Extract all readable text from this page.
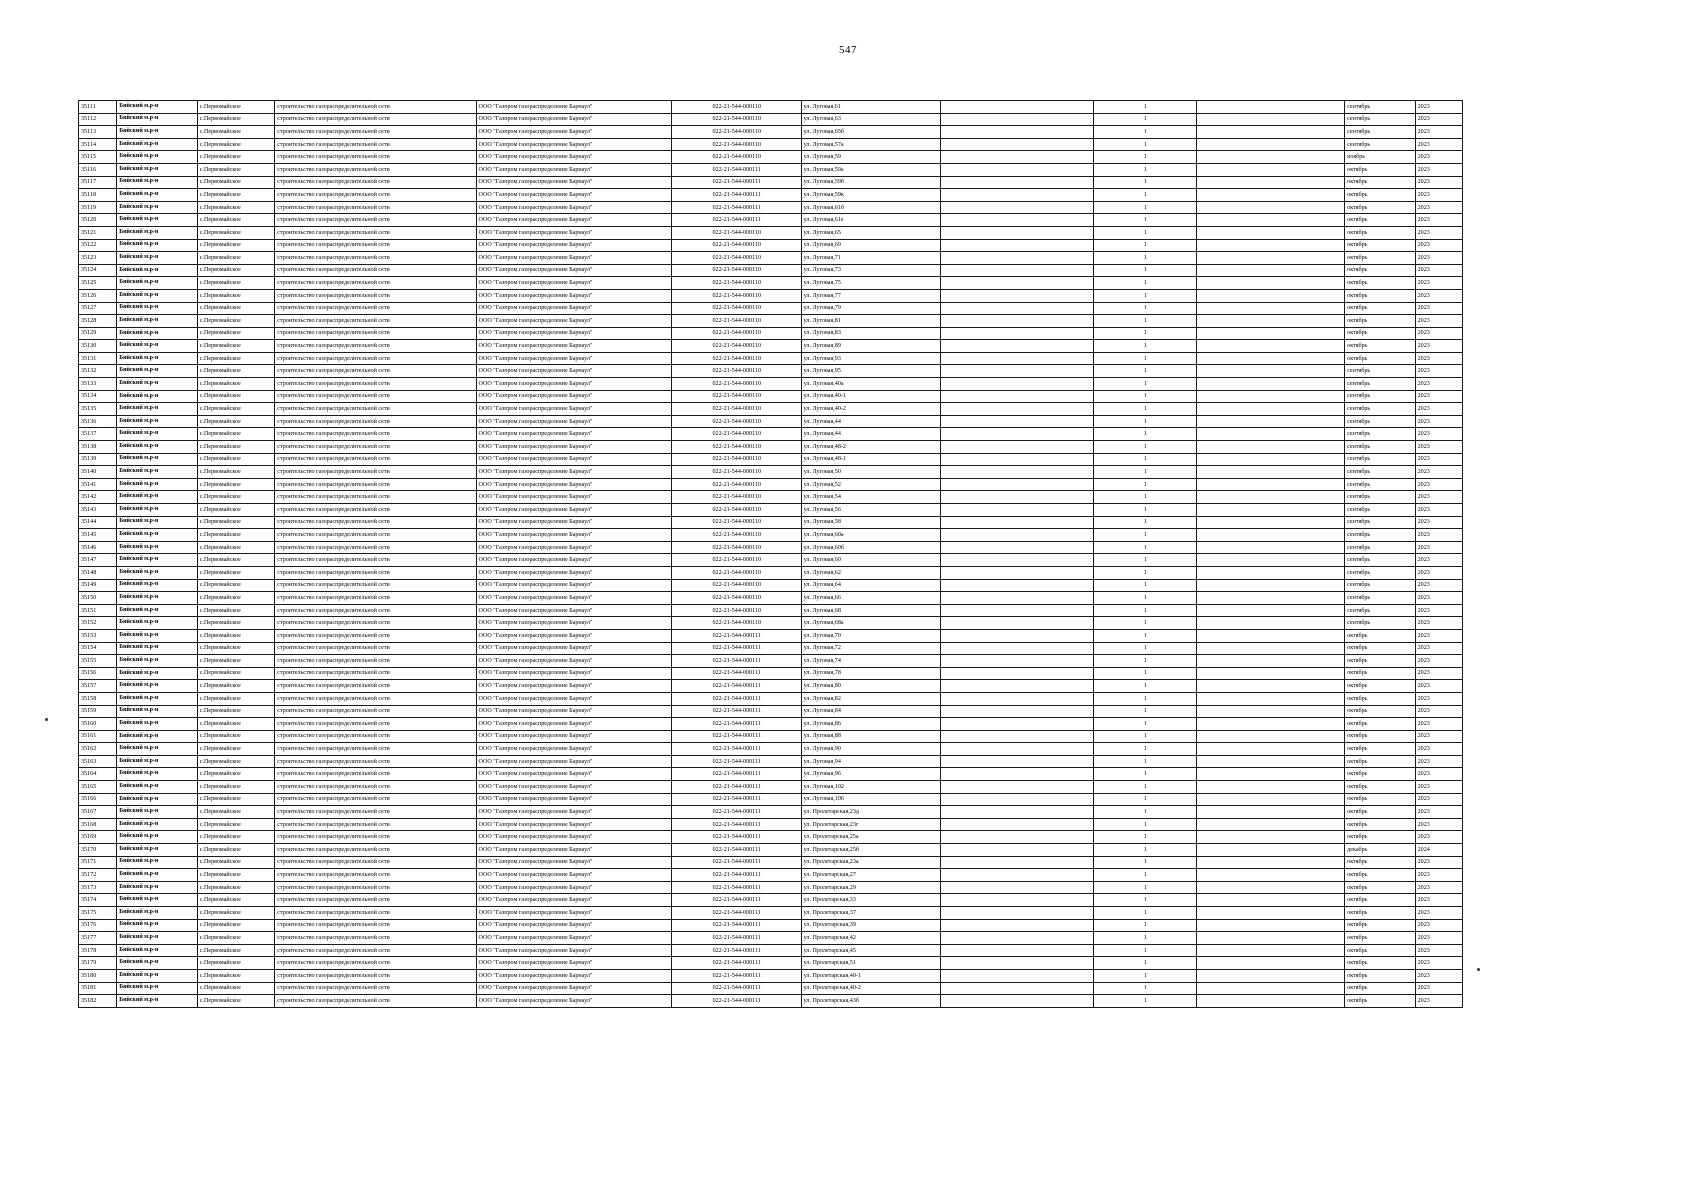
547
35111	Бийский м.р-н	с.Первомайское	строительство газораспределительной сети	ООО "Газпром газораспределение Барнаул"	022-21-544-000110	ул. Луговая,61		1		сентябрь	2023
35112	Бийский м.р-н	с.Первомайское	строительство газораспределительной сети	ООО "Газпром газораспределение Барнаул"	022-21-544-000110	ул. Луговая,63		1		сентябрь	2023
35113	Бийский м.р-н	с.Первомайское	строительство газораспределительной сети	ООО "Газпром газораспределение Барнаул"	022-21-544-000110	ул. Луговая,65б		1		сентябрь	2023
35114	Бийский м.р-н	с.Первомайское	строительство газораспределительной сети	ООО "Газпром газораспределение Барнаул"	022-21-544-000110	ул. Луговая,57а		1		сентябрь	2023
35115	Бийский м.р-н	с.Первомайское	строительство газораспределительной сети	ООО "Газпром газораспределение Барнаул"	022-21-544-000110	ул. Луговая,59		1		ноябрь	2023
35116	Бийский м.р-н	с.Первомайское	строительство газораспределительной сети	ООО "Газпром газораспределение Барнаул"	022-21-544-000111	ул. Луговая,59а		1		октябрь	2023
35117	Бийский м.р-н	с.Первомайское	строительство газораспределительной сети	ООО "Газпром газораспределение Барнаул"	022-21-544-000111	ул. Луговая,59б		1		октябрь	2023
35118	Бийский м.р-н	с.Первомайское	строительство газораспределительной сети	ООО "Газпром газораспределение Барнаул"	022-21-544-000111	ул. Луговая,59к		1		октябрь	2023
35119	Бийский м.р-н	с.Первомайское	строительство газораспределительной сети	ООО "Газпром газораспределение Барнаул"	022-21-544-000111	ул. Луговая,61б		1		октябрь	2023
35120	Бийский м.р-н	с.Первомайское	строительство газораспределительной сети	ООО "Газпром газораспределение Барнаул"	022-21-544-000111	ул. Луговая,61е		1		октябрь	2023
35121	Бийский м.р-н	с.Первомайское	строительство газораспределительной сети	ООО "Газпром газораспределение Барнаул"	022-21-544-000110	ул. Луговая,65		1		октябрь	2023
35122	Бийский м.р-н	с.Первомайское	строительство газораспределительной сети	ООО "Газпром газораспределение Барнаул"	022-21-544-000110	ул. Луговая,69		1		октябрь	2023
35123	Бийский м.р-н	с.Первомайское	строительство газораспределительной сети	ООО "Газпром газораспределение Барнаул"	022-21-544-000110	ул. Луговая,71		1		октябрь	2023
35124	Бийский м.р-н	с.Первомайское	строительство газораспределительной сети	ООО "Газпром газораспределение Барнаул"	022-21-544-000110	ул. Луговая,73		1		октябрь	2023
35125	Бийский м.р-н	с.Первомайское	строительство газораспределительной сети	ООО "Газпром газораспределение Барнаул"	022-21-544-000110	ул. Луговая,75		1		октябрь	2023
35126	Бийский м.р-н	с.Первомайское	строительство газораспределительной сети	ООО "Газпром газораспределение Барнаул"	022-21-544-000110	ул. Луговая,77		1		октябрь	2023
35127	Бийский м.р-н	с.Первомайское	строительство газораспределительной сети	ООО "Газпром газораспределение Барнаул"	022-21-544-000110	ул. Луговая,79		1		октябрь	2023
35128	Бийский м.р-н	с.Первомайское	строительство газораспределительной сети	ООО "Газпром газораспределение Барнаул"	022-21-544-000110	ул. Луговая,81		1		октябрь	2023
35129	Бийский м.р-н	с.Первомайское	строительство газораспределительной сети	ООО "Газпром газораспределение Барнаул"	022-21-544-000110	ул. Луговая,83		1		октябрь	2023
35130	Бийский м.р-н	с.Первомайское	строительство газораспределительной сети	ООО "Газпром газораспределение Барнаул"	022-21-544-000110	ул. Луговая,89		1		октябрь	2023
35131	Бийский м.р-н	с.Первомайское	строительство газораспределительной сети	ООО "Газпром газораспределение Барнаул"	022-21-544-000110	ул. Луговая,93		1		октябрь	2023
35132	Бийский м.р-н	с.Первомайское	строительство газораспределительной сети	ООО "Газпром газораспределение Барнаул"	022-21-544-000110	ул. Луговая,95		1		сентябрь	2023
35133	Бийский м.р-н	с.Первомайское	строительство газораспределительной сети	ООО "Газпром газораспределение Барнаул"	022-21-544-000110	ул. Луговая,40а		1		сентябрь	2023
35134	Бийский м.р-н	с.Первомайское	строительство газораспределительной сети	ООО "Газпром газораспределение Барнаул"	022-21-544-000110	ул. Луговая,40-1		1		сентябрь	2023
35135	Бийский м.р-н	с.Первомайское	строительство газораспределительной сети	ООО "Газпром газораспределение Барнаул"	022-21-544-000110	ул. Луговая,40-2		1		сентябрь	2023
35136	Бийский м.р-н	с.Первомайское	строительство газораспределительной сети	ООО "Газпром газораспределение Барнаул"	022-21-544-000110	ул. Луговая,44		1		сентябрь	2023
35137	Бийский м.р-н	с.Первомайское	строительство газораспределительной сети	ООО "Газпром газораспределение Барнаул"	022-21-544-000110	ул. Луговая,44		1		сентябрь	2023
35138	Бийский м.р-н	с.Первомайское	строительство газораспределительной сети	ООО "Газпром газораспределение Барнаул"	022-21-544-000110	ул. Луговая,48-2		1		сентябрь	2023
35139	Бийский м.р-н	с.Первомайское	строительство газораспределительной сети	ООО "Газпром газораспределение Барнаул"	022-21-544-000110	ул. Луговая,48-1		1		сентябрь	2023
35140	Бийский м.р-н	с.Первомайское	строительство газораспределительной сети	ООО "Газпром газораспределение Барнаул"	022-21-544-000110	ул. Луговая,50		1		сентябрь	2023
35141	Бийский м.р-н	с.Первомайское	строительство газораспределительной сети	ООО "Газпром газораспределение Барнаул"	022-21-544-000110	ул. Луговая,52		1		сентябрь	2023
35142	Бийский м.р-н	с.Первомайское	строительство газораспределительной сети	ООО "Газпром газораспределение Барнаул"	022-21-544-000110	ул. Луговая,54		1		сентябрь	2023
35143	Бийский м.р-н	с.Первомайское	строительство газораспределительной сети	ООО "Газпром газораспределение Барнаул"	022-21-544-000110	ул. Луговая,56		1		сентябрь	2023
35144	Бийский м.р-н	с.Первомайское	строительство газораспределительной сети	ООО "Газпром газораспределение Барнаул"	022-21-544-000110	ул. Луговая,58		1		сентябрь	2023
35145	Бийский м.р-н	с.Первомайское	строительство газораспределительной сети	ООО "Газпром газораспределение Барнаул"	022-21-544-000110	ул. Луговая,60а		1		сентябрь	2023
35146	Бийский м.р-н	с.Первомайское	строительство газораспределительной сети	ООО "Газпром газораспределение Барнаул"	022-21-544-000110	ул. Луговая,60б		1		сентябрь	2023
35147	Бийский м.р-н	с.Первомайское	строительство газораспределительной сети	ООО "Газпром газораспределение Барнаул"	022-21-544-000110	ул. Луговая,60		1		сентябрь	2023
35148	Бийский м.р-н	с.Первомайское	строительство газораспределительной сети	ООО "Газпром газораспределение Барнаул"	022-21-544-000110	ул. Луговая,62		1		сентябрь	2023
35149	Бийский м.р-н	с.Первомайское	строительство газораспределительной сети	ООО "Газпром газораспределение Барнаул"	022-21-544-000110	ул. Луговая,64		1		сентябрь	2023
35150	Бийский м.р-н	с.Первомайское	строительство газораспределительной сети	ООО "Газпром газораспределение Барнаул"	022-21-544-000110	ул. Луговая,66		1		сентябрь	2023
35151	Бийский м.р-н	с.Первомайское	строительство газораспределительной сети	ООО "Газпром газораспределение Барнаул"	022-21-544-000110	ул. Луговая,68		1		сентябрь	2023
35152	Бийский м.р-н	с.Первомайское	строительство газораспределительной сети	ООО "Газпром газораспределение Барнаул"	022-21-544-000110	ул. Луговая,68а		1		сентябрь	2023
35153	Бийский м.р-н	с.Первомайское	строительство газораспределительной сети	ООО "Газпром газораспределение Барнаул"	022-21-544-000111	ул. Луговая,70		1		октябрь	2023
35154	Бийский м.р-н	с.Первомайское	строительство газораспределительной сети	ООО "Газпром газораспределение Барнаул"	022-21-544-000111	ул. Луговая,72		1		октябрь	2023
35155	Бийский м.р-н	с.Первомайское	строительство газораспределительной сети	ООО "Газпром газораспределение Барнаул"	022-21-544-000111	ул. Луговая,74		1		октябрь	2023
35156	Бийский м.р-н	с.Первомайское	строительство газораспределительной сети	ООО "Газпром газораспределение Барнаул"	022-21-544-000111	ул. Луговая,78		1		октябрь	2023
35157	Бийский м.р-н	с.Первомайское	строительство газораспределительной сети	ООО "Газпром газораспределение Барнаул"	022-21-544-000111	ул. Луговая,80		1		октябрь	2023
35158	Бийский м.р-н	с.Первомайское	строительство газораспределительной сети	ООО "Газпром газораспределение Барнаул"	022-21-544-000111	ул. Луговая,82		1		октябрь	2023
35159	Бийский м.р-н	с.Первомайское	строительство газораспределительной сети	ООО "Газпром газораспределение Барнаул"	022-21-544-000111	ул. Луговая,84		1		октябрь	2023
35160	Бийский м.р-н	с.Первомайское	строительство газораспределительной сети	ООО "Газпром газораспределение Барнаул"	022-21-544-000111	ул. Луговая,86		1		октябрь	2023
35161	Бийский м.р-н	с.Первомайское	строительство газораспределительной сети	ООО "Газпром газораспределение Барнаул"	022-21-544-000111	ул. Луговая,88		1		октябрь	2023
35162	Бийский м.р-н	с.Первомайское	строительство газораспределительной сети	ООО "Газпром газораспределение Барнаул"	022-21-544-000111	ул. Луговая,90		1		октябрь	2023
35163	Бийский м.р-н	с.Первомайское	строительство газораспределительной сети	ООО "Газпром газораспределение Барнаул"	022-21-544-000111	ул. Луговая,94		1		октябрь	2023
35164	Бийский м.р-н	с.Первомайское	строительство газораспределительной сети	ООО "Газпром газораспределение Барнаул"	022-21-544-000111	ул. Луговая,96		1		октябрь	2023
35165	Бийский м.р-н	с.Первомайское	строительство газораспределительной сети	ООО "Газпром газораспределение Барнаул"	022-21-544-000111	ул. Луговая,102		1		октябрь	2023
35166	Бийский м.р-н	с.Первомайское	строительство газораспределительной сети	ООО "Газпром газораспределение Барнаул"	022-21-544-000111	ул. Луговая,106		1		октябрь	2023
35167	Бийский м.р-н	с.Первомайское	строительство газораспределительной сети	ООО "Газпром газораспределение Барнаул"	022-21-544-000111	ул. Пролетарская,23д		1		октябрь	2023
35168	Бийский м.р-н	с.Первомайское	строительство газораспределительной сети	ООО "Газпром газораспределение Барнаул"	022-21-544-000111	ул. Пролетарская,23г		1		октябрь	2023
35169	Бийский м.р-н	с.Первомайское	строительство газораспределительной сети	ООО "Газпром газораспределение Барнаул"	022-21-544-000111	ул. Пролетарская,25а		1		октябрь	2023
35170	Бийский м.р-н	с.Первомайское	строительство газораспределительной сети	ООО "Газпром газораспределение Барнаул"	022-21-544-000111	ул. Пролетарская,25б		1		декабрь	2024
35171	Бийский м.р-н	с.Первомайское	строительство газораспределительной сети	ООО "Газпром газораспределение Барнаул"	022-21-544-000111	ул. Пролетарская,23а		1		октябрь	2023
35172	Бийский м.р-н	с.Первомайское	строительство газораспределительной сети	ООО "Газпром газораспределение Барнаул"	022-21-544-000111	ул. Пролетарская,27		1		октябрь	2023
35173	Бийский м.р-н	с.Первомайское	строительство газораспределительной сети	ООО "Газпром газораспределение Барнаул"	022-21-544-000111	ул. Пролетарская,29		1		октябрь	2023
35174	Бийский м.р-н	с.Первомайское	строительство газораспределительной сети	ООО "Газпром газораспределение Барнаул"	022-21-544-000111	ул. Пролетарская,33		1		октябрь	2023
35175	Бийский м.р-н	с.Первомайское	строительство газораспределительной сети	ООО "Газпром газораспределение Барнаул"	022-21-544-000111	ул. Пролетарская,37		1		октябрь	2023
35176	Бийский м.р-н	с.Первомайское	строительство газораспределительной сети	ООО "Газпром газораспределение Барнаул"	022-21-544-000111	ул. Пролетарская,39		1		октябрь	2023
35177	Бийский м.р-н	с.Первомайское	строительство газораспределительной сети	ООО "Газпром газораспределение Барнаул"	022-21-544-000111	ул. Пролетарская,42		1		октябрь	2023
35178	Бийский м.р-н	с.Первомайское	строительство газораспределительной сети	ООО "Газпром газораспределение Барнаул"	022-21-544-000111	ул. Пролетарская,45		1		октябрь	2023
35179	Бийский м.р-н	с.Первомайское	строительство газораспределительной сети	ООО "Газпром газораспределение Барнаул"	022-21-544-000111	ул. Пролетарская,51		1		октябрь	2023
35180	Бийский м.р-н	с.Первомайское	строительство газораспределительной сети	ООО "Газпром газораспределение Барнаул"	022-21-544-000111	ул. Пролетарская,40-1		1		октябрь	2023
35181	Бийский м.р-н	с.Первомайское	строительство газораспределительной сети	ООО "Газпром газораспределение Барнаул"	022-21-544-000111	ул. Пролетарская,40-2		1		октябрь	2023
35182	Бийский м.р-н	с.Первомайское	строительство газораспределительной сети	ООО "Газпром газораспределение Барнаул"	022-21-544-000111	ул. Пролетарская,43б		1		октябрь	2023
